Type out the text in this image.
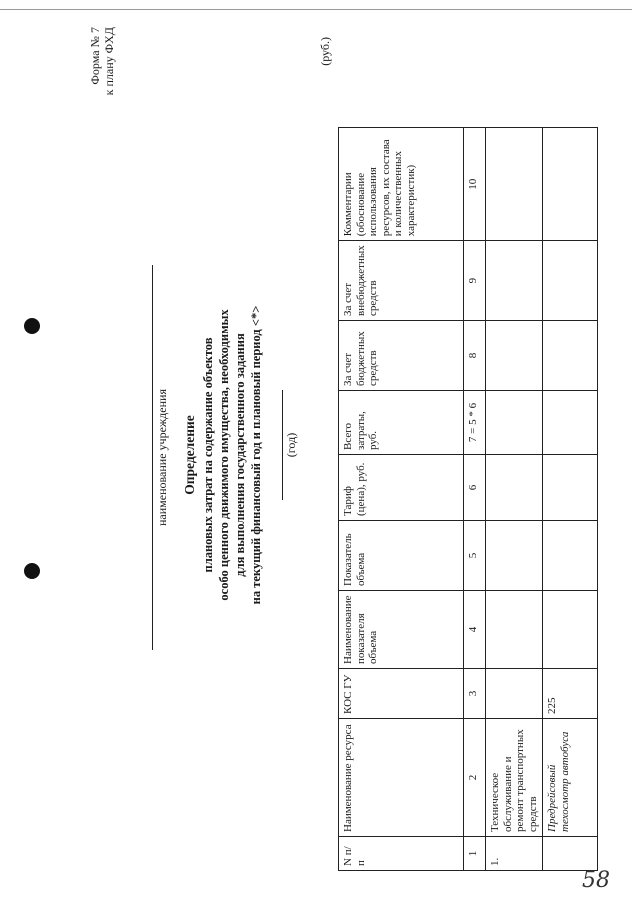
Форма № 7 к плану ФХД
наименование учреждения Определение плановых затрат на содержание объектов особо ценного движимого имущества, необходимых для выполнения государственного задания на текущий финансовый год и плановый период <*> (год)
(руб.)
N п/п	Наименование ресурса	КОС ГУ	Наименование показателя объема	Показатель объема	Тариф (цена), руб.	Всего затраты, руб.	За счет бюджетных средств	За счет внебюджетных средств	Комментарии (обоснование использования ресурсов, их состава и количественных характеристик)
1	2	3	4	5	6	7 = 5 * 6	8	9	10
1.	Техническое обслуживание и ремонт транспортных средств								
	Предрейсовый техосмотр автобуса	225							
58
